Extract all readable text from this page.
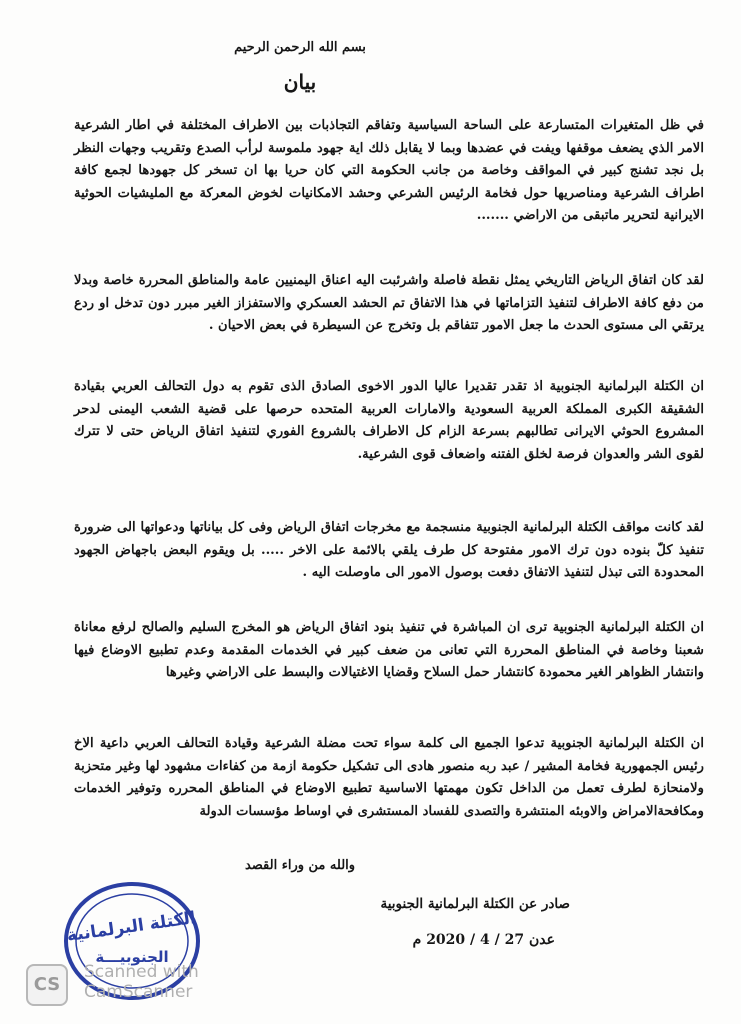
بسم الله الرحمن الرحيم
بيان

في ظل المتغيرات المتسارعة على الساحة السياسية وتفاقم التجاذبات بين الاطراف المختلفة في اطار الشرعية الامر الذي يضعف موقفها ويفت في عضدها وبما لا يقابل ذلك اية جهود ملموسة لرأب الصدع وتقريب وجهات النظر بل نجد تشنج كبير في المواقف وخاصة من جانب الحكومة التي كان حريا بها ان تسخر كل جهودها لجمع كافة اطراف الشرعية ومناصريها حول فخامة الرئيس الشرعي وحشد الامكانيات لخوض المعركة مع المليشيات الحوثية الايرانية لتحرير ماتبقى من الاراضي .......

لقد كان اتفاق الرياض التاريخي يمثل نقطة فاصلة واشرئبت اليه اعناق اليمنيين عامة والمناطق المحررة خاصة وبدلا من دفع كافة الاطراف لتنفيذ التزاماتها في هذا الاتفاق تم الحشد العسكري والاستفزاز الغير مبرر دون تدخل او ردع يرتقي الى مستوى الحدث ما جعل الامور تتفاقم بل وتخرج عن السيطرة في بعض الاحيان .

ان الكتلة البرلمانية الجنوبية اذ تقدر تقديرا عاليا الدور الاخوى الصادق الذى تقوم به دول التحالف العربي بقيادة الشقيقة الكبرى المملكة العربية السعودية والامارات العربية المتحده حرصها على قضية الشعب اليمنى لدحر المشروع الحوثي الايرانى تطالبهم بسرعة الزام كل الاطراف بالشروع الفوري لتنفيذ اتفاق الرياض حتى لا تترك لقوى الشر والعدوان فرصة لخلق الفتنه واضعاف قوى الشرعية.

لقد كانت مواقف الكتلة البرلمانية الجنوبية منسجمة مع مخرجات اتفاق الرياض وفى كل بياناتها ودعواتها الى ضرورة تنفيذ كلّ بنوده دون ترك الامور مفتوحة كل طرف يلقي بالائمة على الاخر ..... بل ويقوم البعض باجهاض الجهود المحدودة التى تبذل لتنفيذ الاتفاق دفعت بوصول الامور الى ماوصلت اليه .

ان الكتلة البرلمانية الجنوبية ترى ان المباشرة في تنفيذ بنود اتفاق الرياض هو المخرج السليم والصالح لرفع معاناة شعبنا وخاصة في المناطق المحررة التي تعانى من ضعف كبير في الخدمات المقدمة وعدم تطبيع الاوضاع فيها وانتشار الظواهر الغير محمودة كانتشار حمل السلاح وقضايا الاغتيالات والبسط على الاراضي وغيرها

ان الكتلة البرلمانية الجنوبية تدعوا الجميع الى كلمة سواء تحت مضلة الشرعية وقيادة التحالف العربي داعية الاخ رئيس الجمهورية فخامة المشير / عبد ربه منصور هادى الى تشكيل حكومة ازمة من كفاءات مشهود لها وغير متحزبة ولامنحازة لطرف تعمل من الداخل تكون مهمتها الاساسية تطبيع الاوضاع في المناطق المحرره وتوفير الخدمات ومكافحةالامراض والاوبئه المنتشرة والتصدى للفساد المستشرى في اوساط مؤسسات الدولة

والله من وراء القصد
صادر عن الكتلة البرلمانية الجنوبية
عدن 27 / 4 / 2020 م
الكتلة البرلمانية
الجنوبيـــة
CS
Scanned with
CamScanner
